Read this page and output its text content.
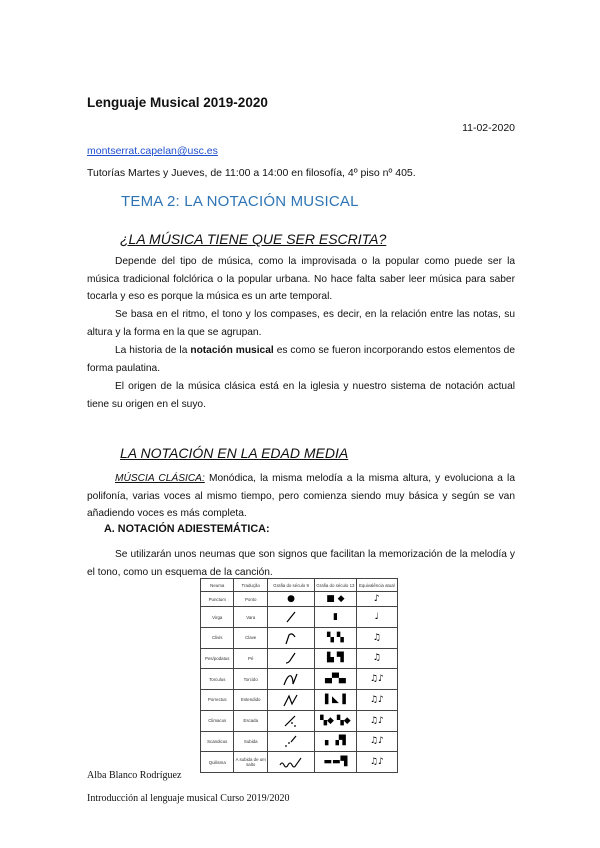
Lenguaje Musical 2019-2020
11-02-2020
montserrat.capelan@usc.es
Tutorías Martes y Jueves, de 11:00 a 14:00 en filosofía, 4º piso nº 405.
TEMA 2: LA NOTACIÓN MUSICAL
¿LA MÚSICA TIENE QUE SER ESCRITA?
Depende del tipo de música, como la improvisada o la popular como puede ser la música tradicional folclórica o la popular urbana. No hace falta saber leer música para saber tocarla y eso es porque la música es un arte temporal.
Se basa en el ritmo, el tono y los compases, es decir, en la relación entre las notas, su altura y la forma en la que se agrupan.
La historia de la notación musical es como se fueron incorporando estos elementos de forma paulatina.
El origen de la música clásica está en la iglesia y nuestro sistema de notación actual tiene su origen en el suyo.
LA NOTACIÓN EN LA EDAD MEDIA
MÚSCIA CLÁSICA: Monódica, la misma melodía a la misma altura, y evoluciona a la polifonía, varias voces al mismo tiempo, pero comienza siendo muy básica y según se van añadiendo voces es más completa.
A. NOTACIÓN ADIESTEMÁTICA:
Se utilizarán unos neumas que son signos que facilitan la memorización de la melodía y el tono, como un esquema de la canción.
Neuma	Tradução	Grafia do século 9	Grafia do século 13	Equivalência atual
Punctum	Ponto	●	■ ◆	♪
Virga	Vara		▮	♩
Clivis	Clave		▚ ▚	♫
Pes/podatus	Pé		▙ ▜	♫
Torculus	Torcido		▄▀▄	♫♪
Porrectus	Estendido		▌◣▐	♫♪
Climacus	Escada		▚◆ ▚◆	♫♪
Scandicus	Subida		▖▗▜	♫♪
Quilisma	A subida de um salto		▬▬▜	♫♪
Alba Blanco Rodríguez
Introducción al lenguaje musical Curso 2019/2020
